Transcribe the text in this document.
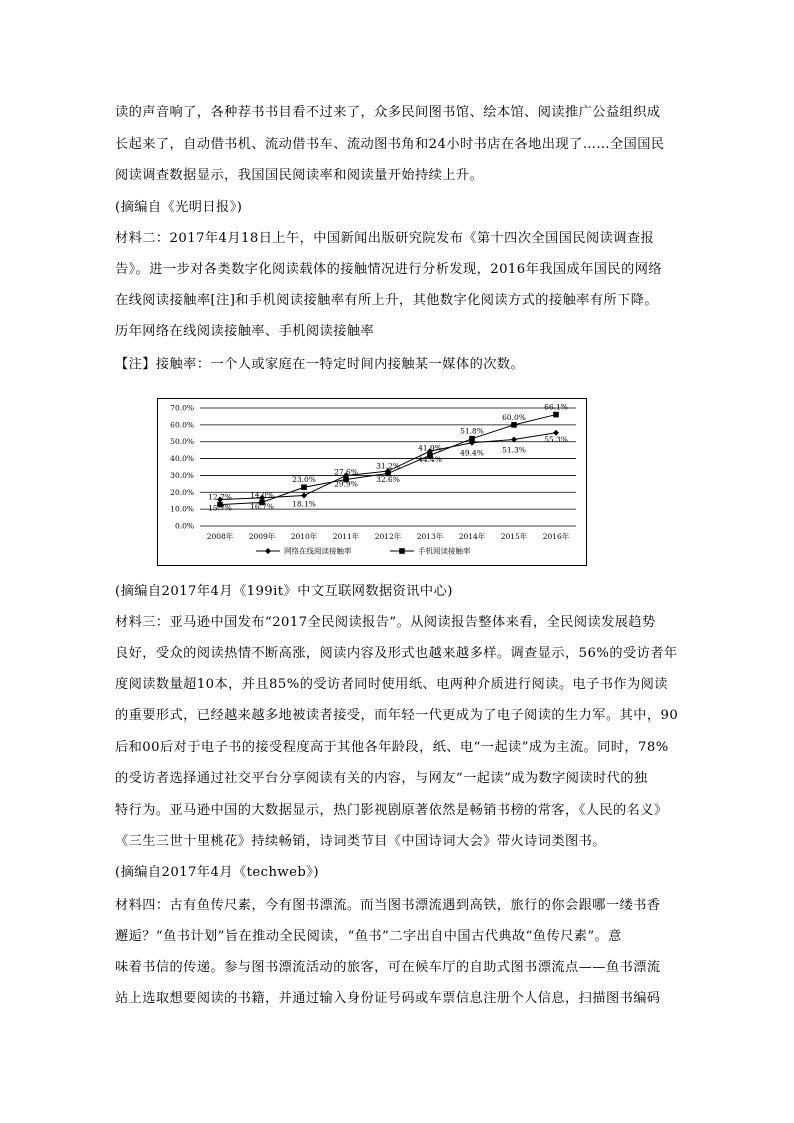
读的声音响了，各种荐书书目看不过来了，众多民间图书馆、绘本馆、阅读推广公益组织成
长起来了，自动借书机、流动借书车、流动图书角和24小时书店在各地出现了……全国国民
阅读调查数据显示，我国国民阅读率和阅读量开始持续上升。
(摘编自《光明日报》)
材料二：2017年4月18日上午，中国新闻出版研究院发布《第十四次全国国民阅读调查报
告》。进一步对各类数字化阅读载体的接触情况进行分析发现，2016年我国成年国民的网络
在线阅读接触率[注]和手机阅读接触率有所上升，其他数字化阅读方式的接触率有所下降。
历年网络在线阅读接触率、手机阅读接触率
【注】接触率：一个人或家庭在一特定时间内接触某一媒体的次数。
0.0%
10.0%
20.0%
30.0%
40.0%
50.0%
60.0%
70.0%
2008年 2009年 2010年 2011年 2012年 2013年 2014年 2015年 2016年
15.7%
12.7%
16.7%
14.0%
18.1%
23.0% 29.9%
27.6%
32.6%
31.2%
44.4%
41.9%
49.4%
51.8%
51.3%
60.0%
55.3%
66.1%
网络在线阅读接触率	手机阅读接触率
(摘编自2017年4月《199it》中文互联网数据资讯中心)
材料三：亚马逊中国发布“2017全民阅读报告”。从阅读报告整体来看，全民阅读发展趋势
良好，受众的阅读热情不断高涨，阅读内容及形式也越来越多样。调查显示，56%的受访者年
度阅读数量超10本，并且85%的受访者同时使用纸、电两种介质进行阅读。电子书作为阅读
的重要形式，已经越来越多地被读者接受，而年轻一代更成为了电子阅读的生力军。其中，90
后和00后对于电子书的接受程度高于其他各年龄段，纸、电“一起读”成为主流。同时，78%
的受访者选择通过社交平台分享阅读有关的内容，与网友“一起读”成为数字阅读时代的独
特行为。亚马逊中国的大数据显示，热门影视剧原著依然是畅销书榜的常客，《人民的名义》
《三生三世十里桃花》持续畅销，诗词类节目《中国诗词大会》带火诗词类图书。
(摘编自2017年4月《techweb》)
材料四：古有鱼传尺素，今有图书漂流。而当图书漂流遇到高铁，旅行的你会跟哪一缕书香
邂逅？“鱼书计划”旨在推动全民阅读，“鱼书”二字出自中国古代典故“鱼传尺素”。意
味着书信的传递。参与图书漂流活动的旅客，可在候车厅的自助式图书漂流点——鱼书漂流
站上选取想要阅读的书籍，并通过输入身份证号码或车票信息注册个人信息，扫描图书编码
